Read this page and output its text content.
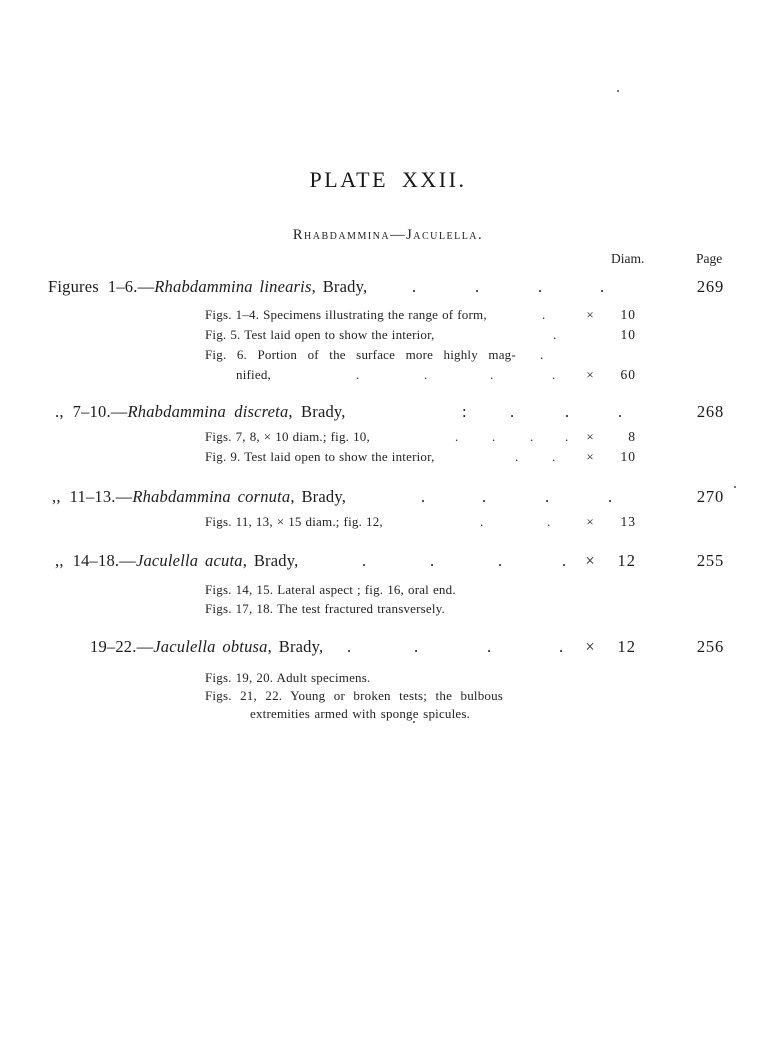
PLATE XXII.
Rhabdammina—Jaculella.
Diam.	Page
Figures 1–6.—Rhabdammina linearis, Brady,	269
.	.	.	.
Figs. 1–4. Specimens illustrating the range of form,	×	10
.
Fig. 5. Test laid open to show the interior,	10
.
Fig. 6. Portion of the surface more highly mag- .
nified,	×	60
.	.	.	.
., 7–10.—Rhabdammina discreta, Brady,	268
:	.	.	.
Figs. 7, 8, × 10 diam.; fig. 10,	×	8
.	.	. .
Fig. 9. Test laid open to show the interior,	×	10
.	.
,, 11–13.—Rhabdammina cornuta, Brady,	270
.	.	.	.
Figs. 11, 13, × 15 diam.; fig. 12,	×	13
.	.
,, 14–18.—Jaculella acuta, Brady,	×	12	255
.	.	.	.
Figs. 14, 15. Lateral aspect ; fig. 16, oral end.
Figs. 17, 18. The test fractured transversely.
19–22.—Jaculella obtusa, Brady,	×	12	256
.	.	.	.
Figs. 19, 20. Adult specimens.
Figs. 21, 22. Young or broken tests; the bulbous
extremities armed with sponge spicules.
